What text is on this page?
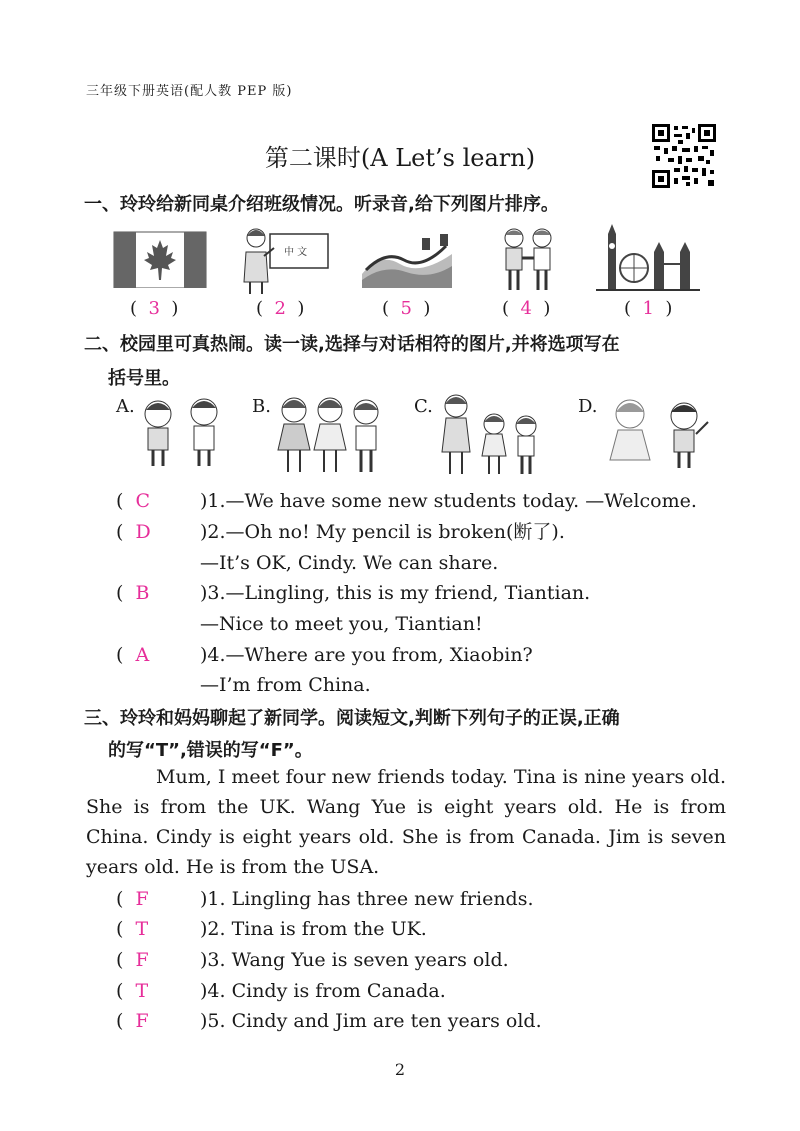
三年级下册英语(配人教 PEP 版)
第二课时(A Let’s learn)
一、玲玲给新同桌介绍班级情况。听录音,给下列图片排序。
中 文
(  3  )	(  2  )	(  5  )	(  4  )	(  1  )
二、校园里可真热闹。读一读,选择与对话相符的图片,并将选项写在
括号里。
A.	B.	C.	D.
(  C	)1.—We have some new students today. —Welcome.
(  D	)2.—Oh no! My pencil is broken(断了).
—It’s OK, Cindy. We can share.
(  B	)3.—Lingling, this is my friend, Tiantian.
—Nice to meet you, Tiantian!
(  A	)4.—Where are you from, Xiaobin?
—I’m from China.
三、玲玲和妈妈聊起了新同学。阅读短文,判断下列句子的正误,正确
的写“T”,错误的写“F”。
Mum, I meet four new friends today. Tina is nine years old. She is from the UK. Wang Yue is eight years old. He is from China. Cindy is eight years old. She is from Canada. Jim is seven years old. He is from the USA.
(  F	)1. Lingling has three new friends.
(  T	)2. Tina is from the UK.
(  F	)3. Wang Yue is seven years old.
(  T	)4. Cindy is from Canada.
(  F	)5. Cindy and Jim are ten years old.
2
